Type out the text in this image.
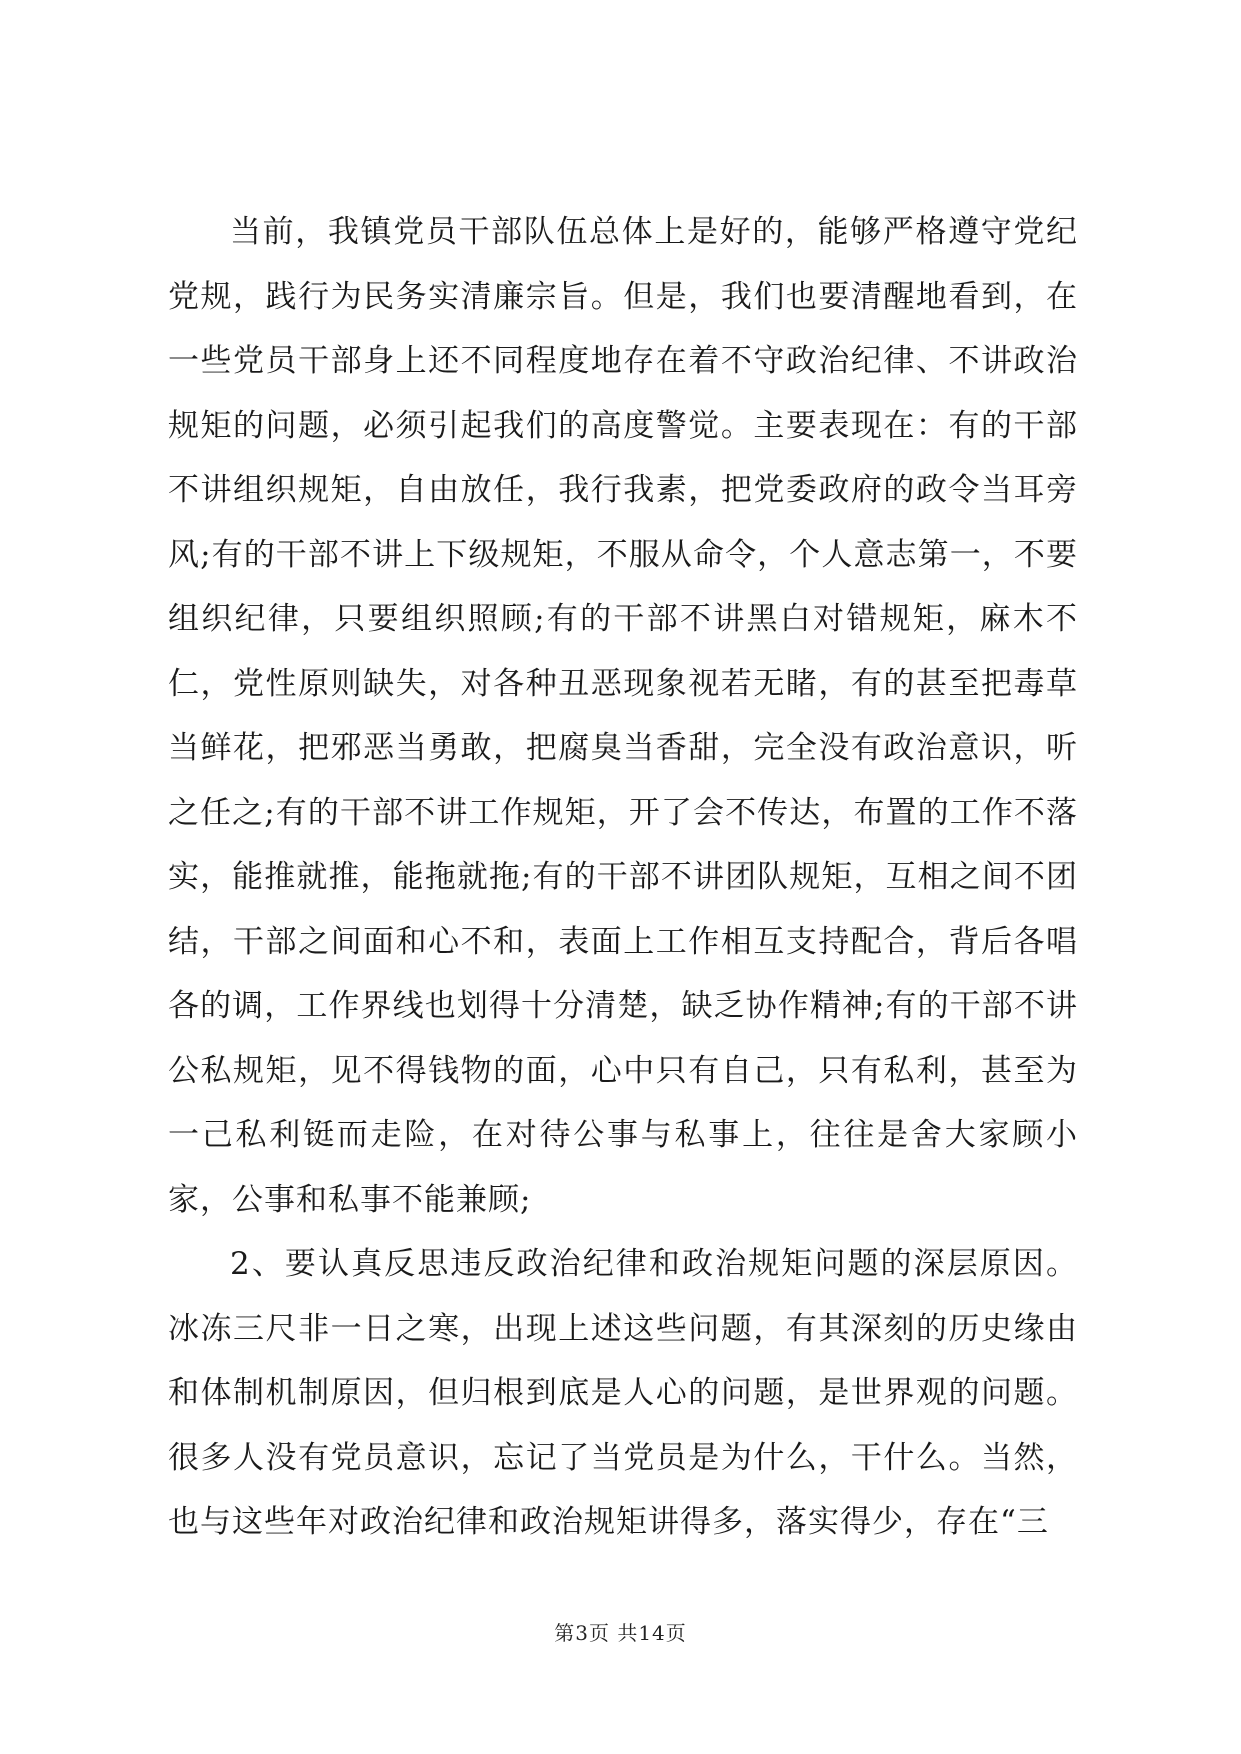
当前，我镇党员干部队伍总体上是好的，能够严格遵守党纪党规，践行为民务实清廉宗旨。但是，我们也要清醒地看到，在一些党员干部身上还不同程度地存在着不守政治纪律、不讲政治规矩的问题，必须引起我们的高度警觉。主要表现在：有的干部不讲组织规矩，自由放任，我行我素，把党委政府的政令当耳旁风;有的干部不讲上下级规矩，不服从命令，个人意志第一，不要组织纪律，只要组织照顾;有的干部不讲黑白对错规矩，麻木不仁，党性原则缺失，对各种丑恶现象视若无睹，有的甚至把毒草当鲜花，把邪恶当勇敢，把腐臭当香甜，完全没有政治意识，听之任之;有的干部不讲工作规矩，开了会不传达，布置的工作不落实，能推就推，能拖就拖;有的干部不讲团队规矩，互相之间不团结，干部之间面和心不和，表面上工作相互支持配合，背后各唱各的调，工作界线也划得十分清楚，缺乏协作精神;有的干部不讲公私规矩，见不得钱物的面，心中只有自己，只有私利，甚至为一己私利铤而走险，在对待公事与私事上，往往是舍大家顾小家，公事和私事不能兼顾;

2、要认真反思违反政治纪律和政治规矩问题的深层原因。冰冻三尺非一日之寒，出现上述这些问题，有其深刻的历史缘由和体制机制原因，但归根到底是人心的问题，是世界观的问题。很多人没有党员意识，忘记了当党员是为什么，干什么。当然，也与这些年对政治纪律和政治规矩讲得多，落实得少，存在“三

第3页 共14页
